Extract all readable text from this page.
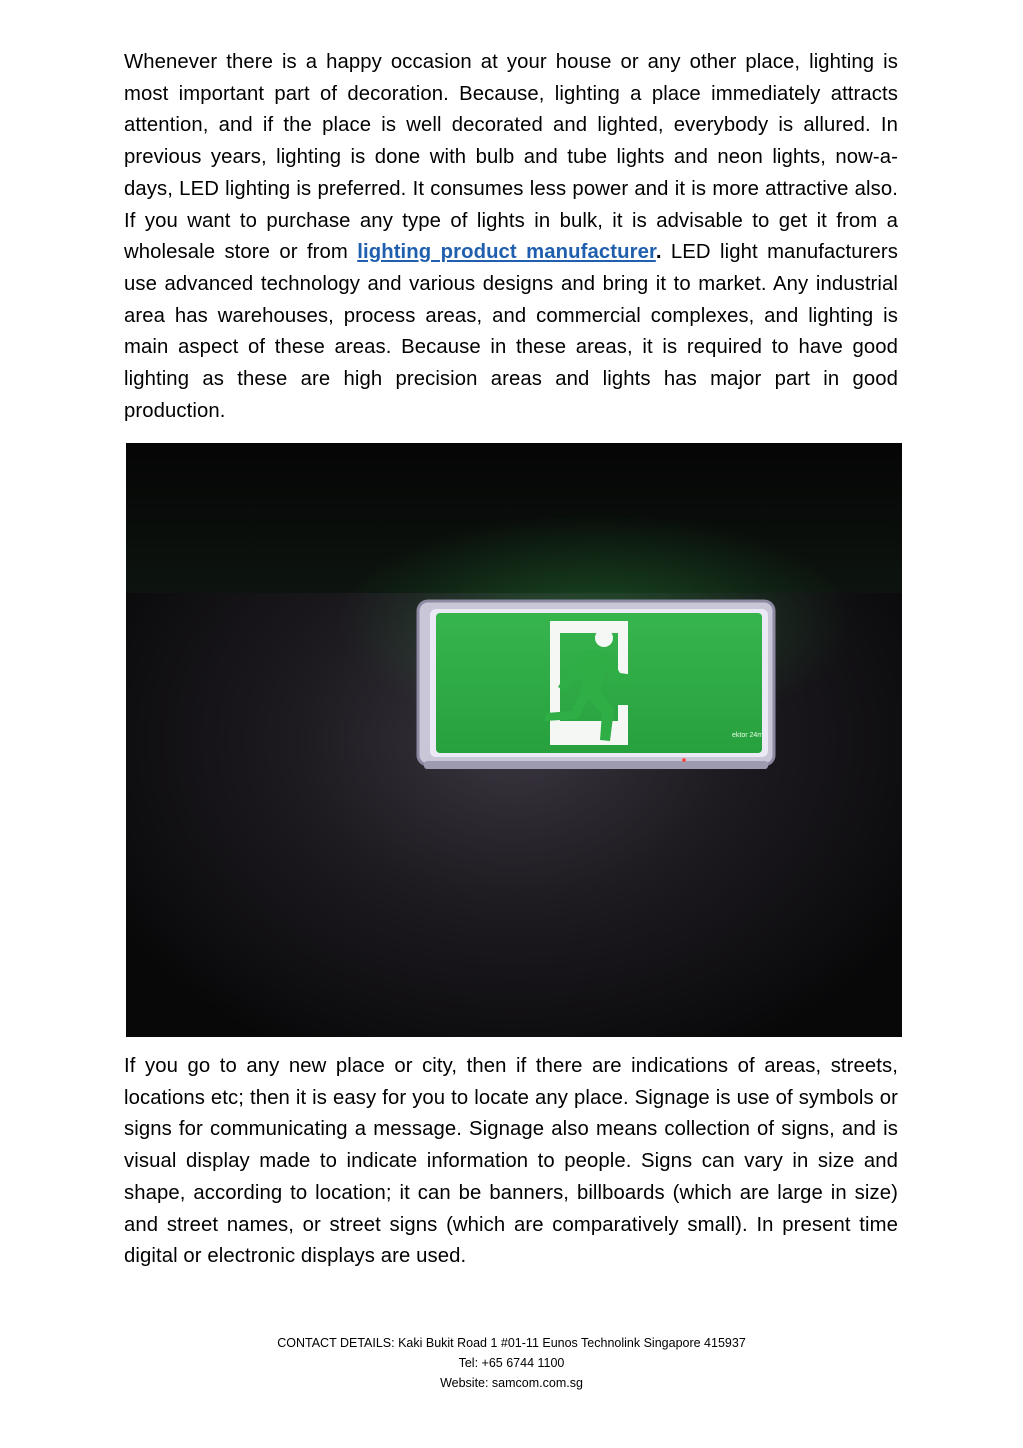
Whenever there is a happy occasion at your house or any other place, lighting is most important part of decoration. Because, lighting a place immediately attracts attention, and if the place is well decorated and lighted, everybody is allured. In previous years, lighting is done with bulb and tube lights and neon lights, now-a-days, LED lighting is preferred. It consumes less power and it is more attractive also. If you want to purchase any type of lights in bulk, it is advisable to get it from a wholesale store or from lighting product manufacturer. LED light manufacturers use advanced technology and various designs and bring it to market. Any industrial area has warehouses, process areas, and commercial complexes, and lighting is main aspect of these areas. Because in these areas, it is required to have good lighting as these are high precision areas and lights has major part in good production.

ektor 24m

If you go to any new place or city, then if there are indications of areas, streets, locations etc; then it is easy for you to locate any place. Signage is use of symbols or signs for communicating a message. Signage also means collection of signs, and is visual display made to indicate information to people. Signs can vary in size and shape, according to location; it can be banners, billboards (which are large in size) and street names, or street signs (which are comparatively small). In present time digital or electronic displays are used.

CONTACT DETAILS: Kaki Bukit Road 1 #01-11 Eunos Technolink Singapore 415937
Tel: +65 6744 1100
Website: samcom.com.sg
